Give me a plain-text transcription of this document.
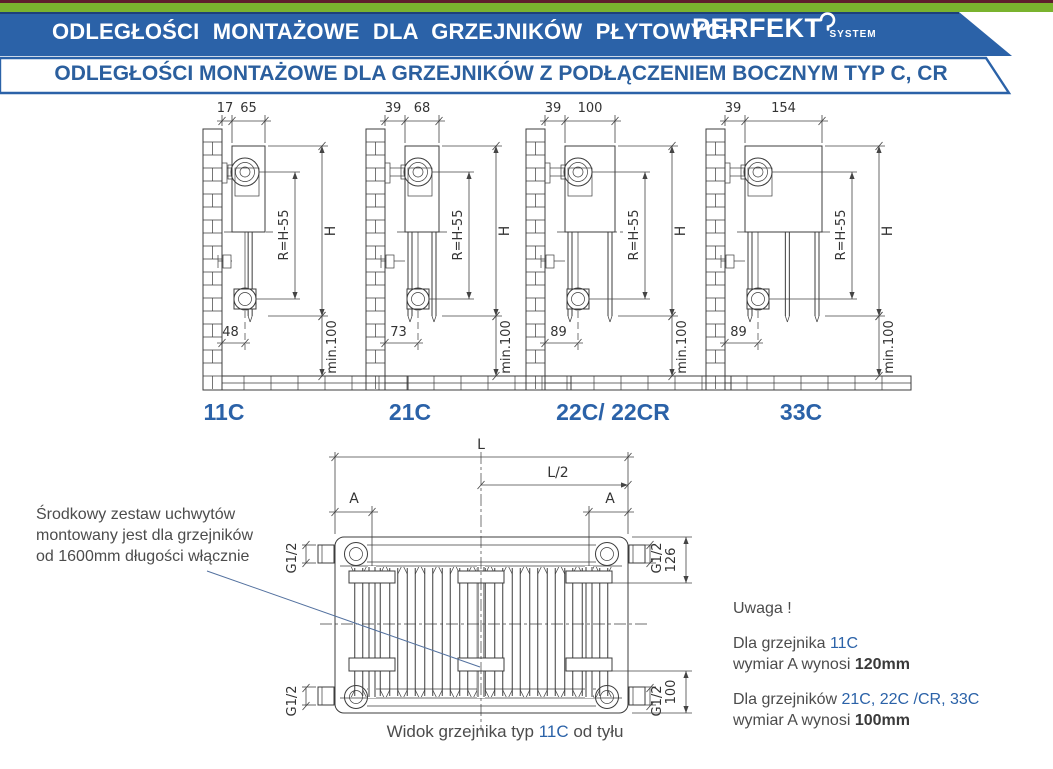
17 65
H
R=H-55
min.100
48
39 68
H
R=H-55
min.100
73
39 100
H
R=H-55
min.100
89
39 154
H
R=H-55
min.100
89
L
L/2
A	A
G1/2	G1/2
G1/2	G1/2
126
100
ODLEGŁOŚCI MONTAŻOWE DLA GRZEJNIKÓW PŁYTOWYCH
PERFEKT SYSTEM
ODLEGŁOŚCI MONTAŻOWE DLA GRZEJNIKÓW Z PODŁĄCZENIEM BOCZNYM TYP C, CR
11C	21C	22C/ 22CR	33C
Środkowy zestaw uchwytów
montowany jest dla grzejników
od 1600mm długości włącznie
Uwaga !

Dla grzejnika 11C
wymiar A wynosi 120mm

Dla grzejników 21C, 22C /CR, 33C
wymiar A wynosi 100mm

Widok grzejnika typ 11C od tyłu
